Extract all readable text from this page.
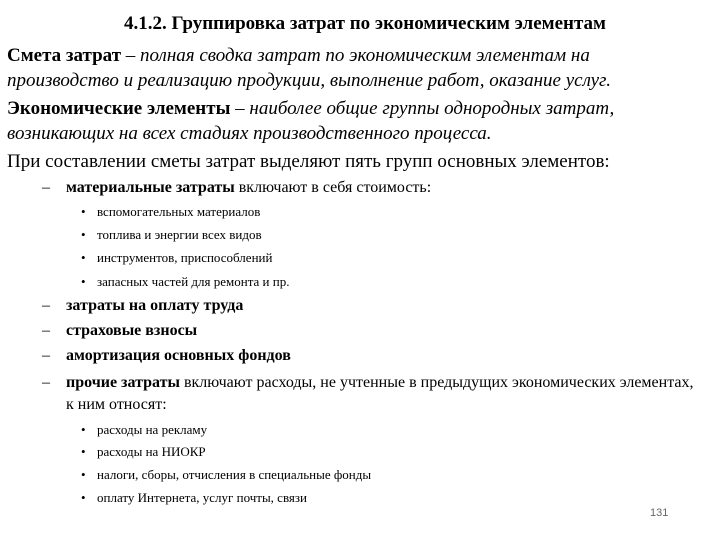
4.1.2. Группировка затрат по экономическим элементам

Смета затрат – полная сводка затрат по экономическим элементам на
производство и реализацию продукции, выполнение работ, оказание услуг.

Экономические элементы – наиболее общие группы однородных затрат,
возникающих на всех стадиях производственного процесса.

При составлении сметы затрат выделяют пять групп основных элементов:

–	материальные затраты включают в себя стоимость:
• вспомогательных материалов
• топлива и энергии всех видов
• инструментов, приспособлений
• запасных частей для ремонта и пр.
–	затраты на оплату труда
–	страховые взносы
–	амортизация основных фондов
–	прочие затраты включают расходы, не учтенные в предыдущих экономических элементах, к ним относят:
• расходы на рекламу
• расходы на НИОКР
• налоги, сборы, отчисления в специальные фонды
• оплату Интернета, услуг почты, связи
131
